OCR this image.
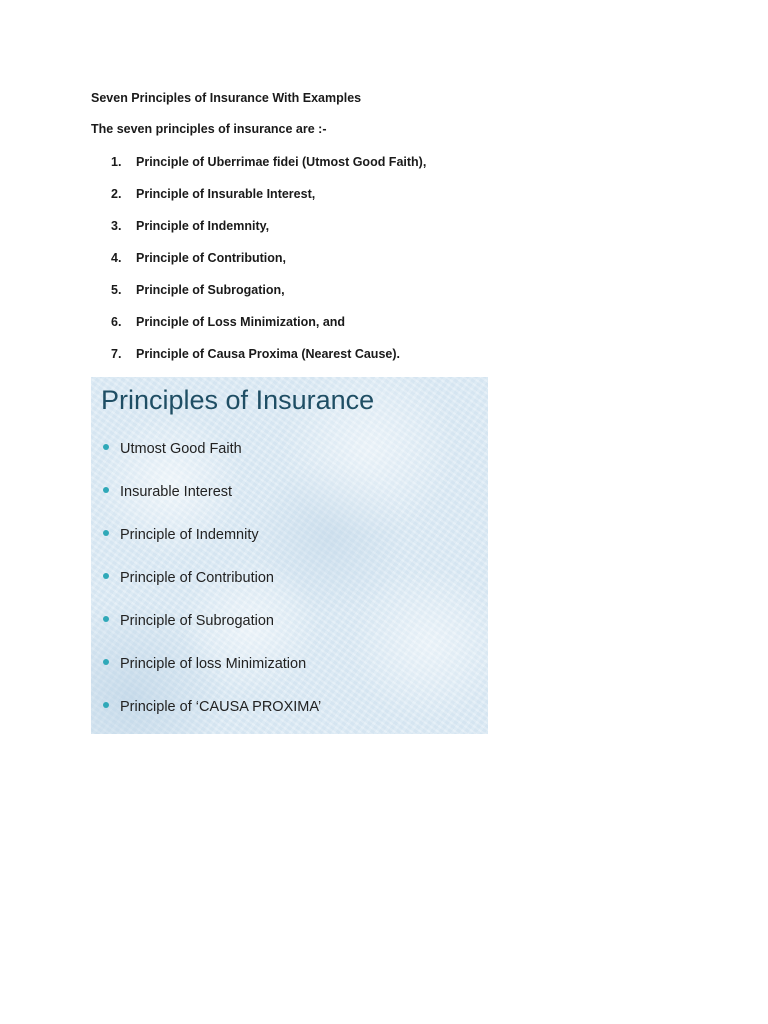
Seven Principles of Insurance With Examples
The seven principles of insurance are :-
1. Principle of Uberrimae fidei (Utmost Good Faith),
2. Principle of Insurable Interest,
3. Principle of Indemnity,
4. Principle of Contribution,
5. Principle of Subrogation,
6. Principle of Loss Minimization, and
7. Principle of Causa Proxima (Nearest Cause).
Principles of Insurance
Utmost Good Faith
Insurable Interest
Principle of Indemnity
Principle of Contribution
Principle of Subrogation
Principle of loss Minimization
Principle of ‘CAUSA PROXIMA’
